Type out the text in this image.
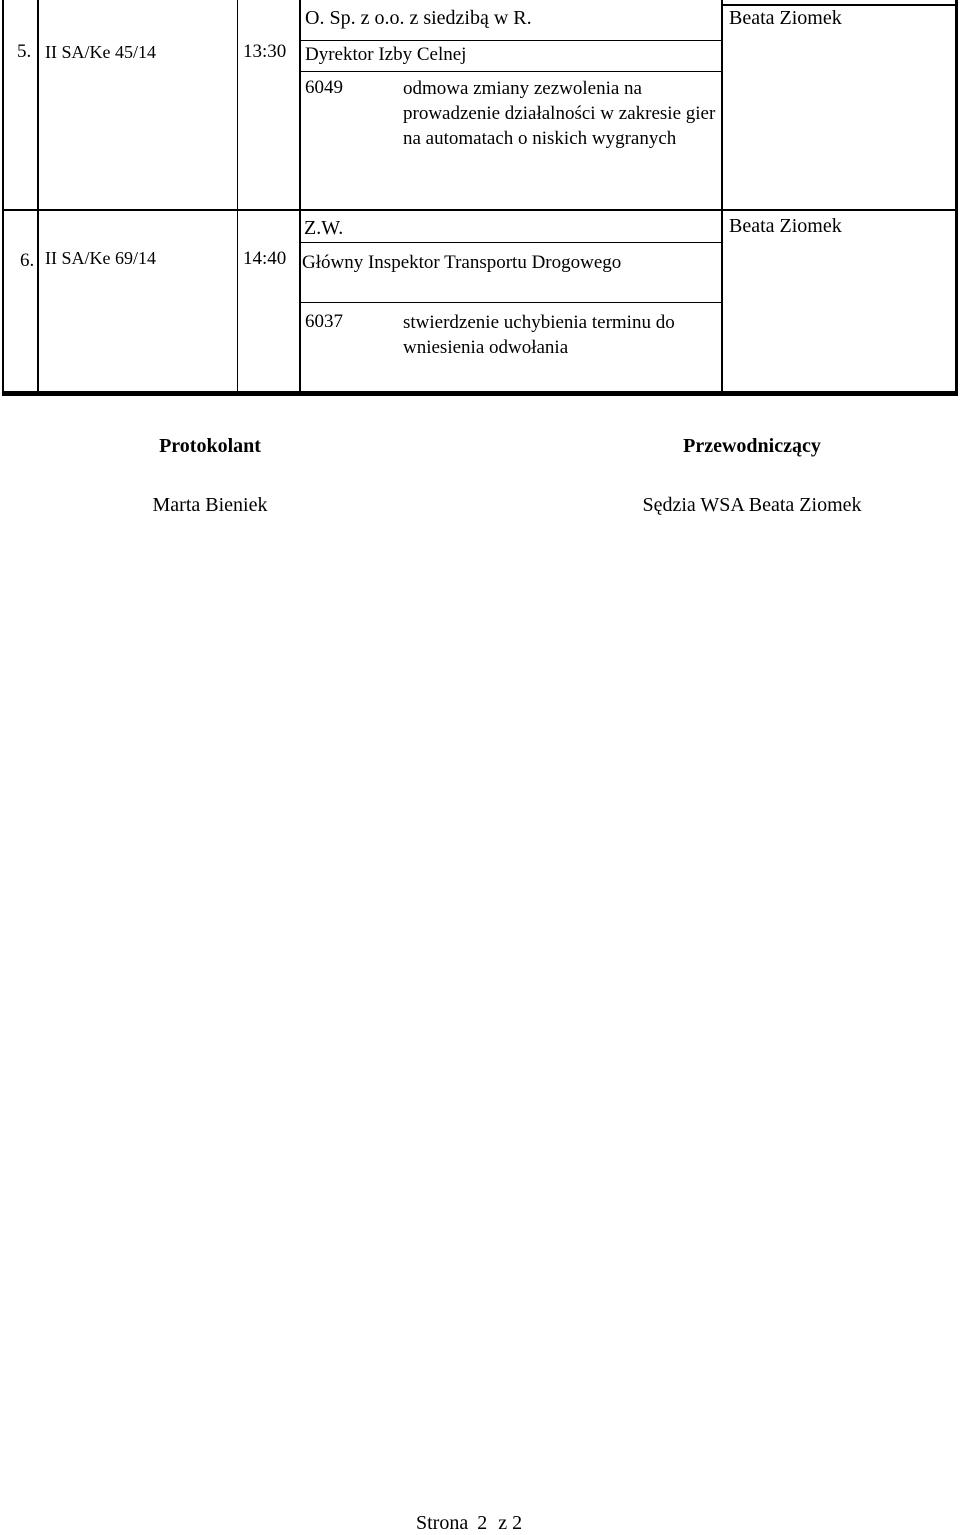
5. II SA/Ke 45/14	13:30
O. Sp. z o.o. z siedzibą w R.
Dyrektor Izby Celnej
6049	odmowa zmiany zezwolenia na prowadzenie działalności w zakresie gier na automatach o niskich wygranych
Beata Ziomek
6. II SA/Ke 69/14	14:40
Z.W.
Główny Inspektor Transportu Drogowego
6037	stwierdzenie uchybienia terminu do wniesienia odwołania
Beata Ziomek
Protokolant
Marta Bieniek
Przewodniczący
Sędzia WSA Beata Ziomek
Strona 2 z 2
